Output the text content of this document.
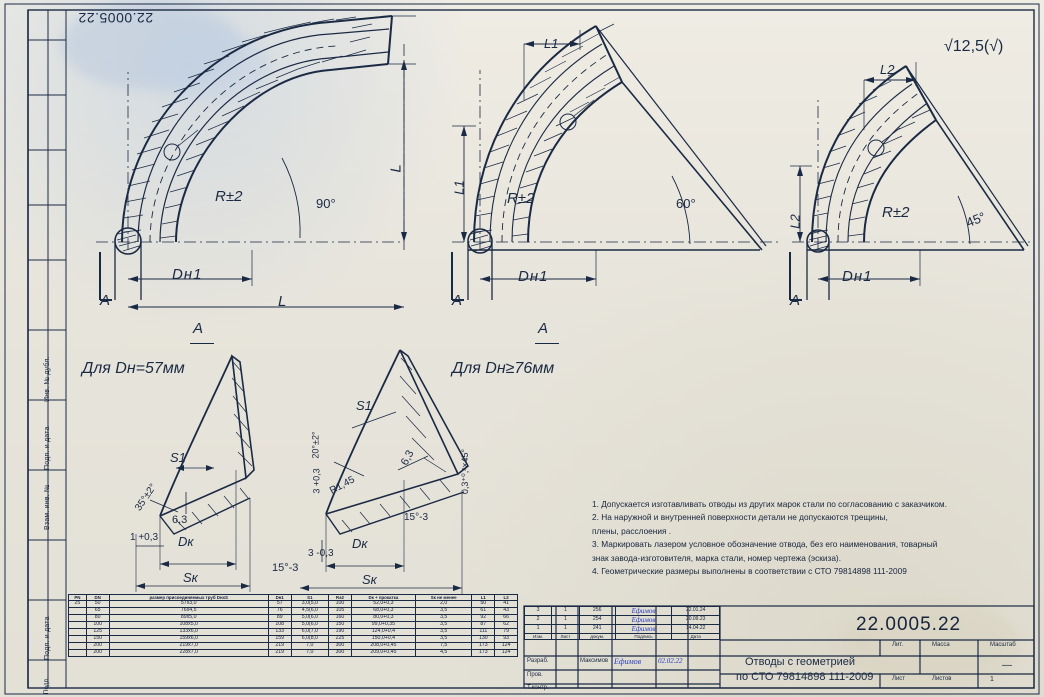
Подп. и дата
Инв. № дубл.
Взам. инв. №
Подп. и дата
Подп.
22.0005.22
√12,5(√)
R±2	90°
Dн1
L
L
A
A
Для Dн=57мм
L1
L1
R±2	60°
Dн1
A
A
Для Dн≥76мм
L2
L2
R±2	45°
Dн1
A
S1
6,3
35°±2°
1 +0,3 Dк
Sк
S1
6,3
20°±2°
3 +0,3 R1,45
15°-3
0,3⁺⁰,²×45°
3 -0,3
Dк
Sк
15°-3
1. Допускается изготавливать отводы из других марок стали по согласованию с заказчиком.
2. На наружной и внутренней поверхности детали не допускаются трещины,
плены, расслоения .
3. Маркировать лазером условное обозначение отвода, без его наименования, товарный
знак завода-изготовителя, марка стали, номер чертежа (эскиза).
4. Геометрические размеры выполнены в соответствии с СТО 79814898 111-2009
PN	DN	размер присоединяемых труб DнxS	Dн1	S1	R±2	Dк + прокатка	Sк не менее	L1	L2
25	50	57x3,0	57	3,0(5,0	100	52,0+0,3	2,0	50	41
	65	76x4,5	76	4,5(6,0	105	68,0+0,3	3,5	61	43
	80	89x5,0	89	5,0(6,0	160	80,0+0,3	3,5	92	66
	100	108x5,0	108	5,0(6,0	150	99,0+0,35	3,5	87	62
	125	133x6,0	133	6,0(7,0	190	124,0+0,4	3,5	111	79
	150	159x6,0	159	6,0(8,0	225	150,0+0,4	3,5	130	93
	200	219x7,0	219	7,0	300	208,0+0,45	7,5	173	124
	200	228x7,0	219	7,0	300	209,0+0,45	4,5	173	124
3	1	256	Ефимов	22.01.24
2	1	254	Ефимов	20.09.23
1	1	241	Ефимов	14.04.22
Изм.	Лист	докум.	Подпись	Дата
22.0005.22
Отводы с геометрией
по СТО 79814898 111-2009
Лит.	Масса	Масштаб
—
Лист	Листов	1
Разраб.
Пров.
Т.контр.
Максимов Ефимов 02.02.22
